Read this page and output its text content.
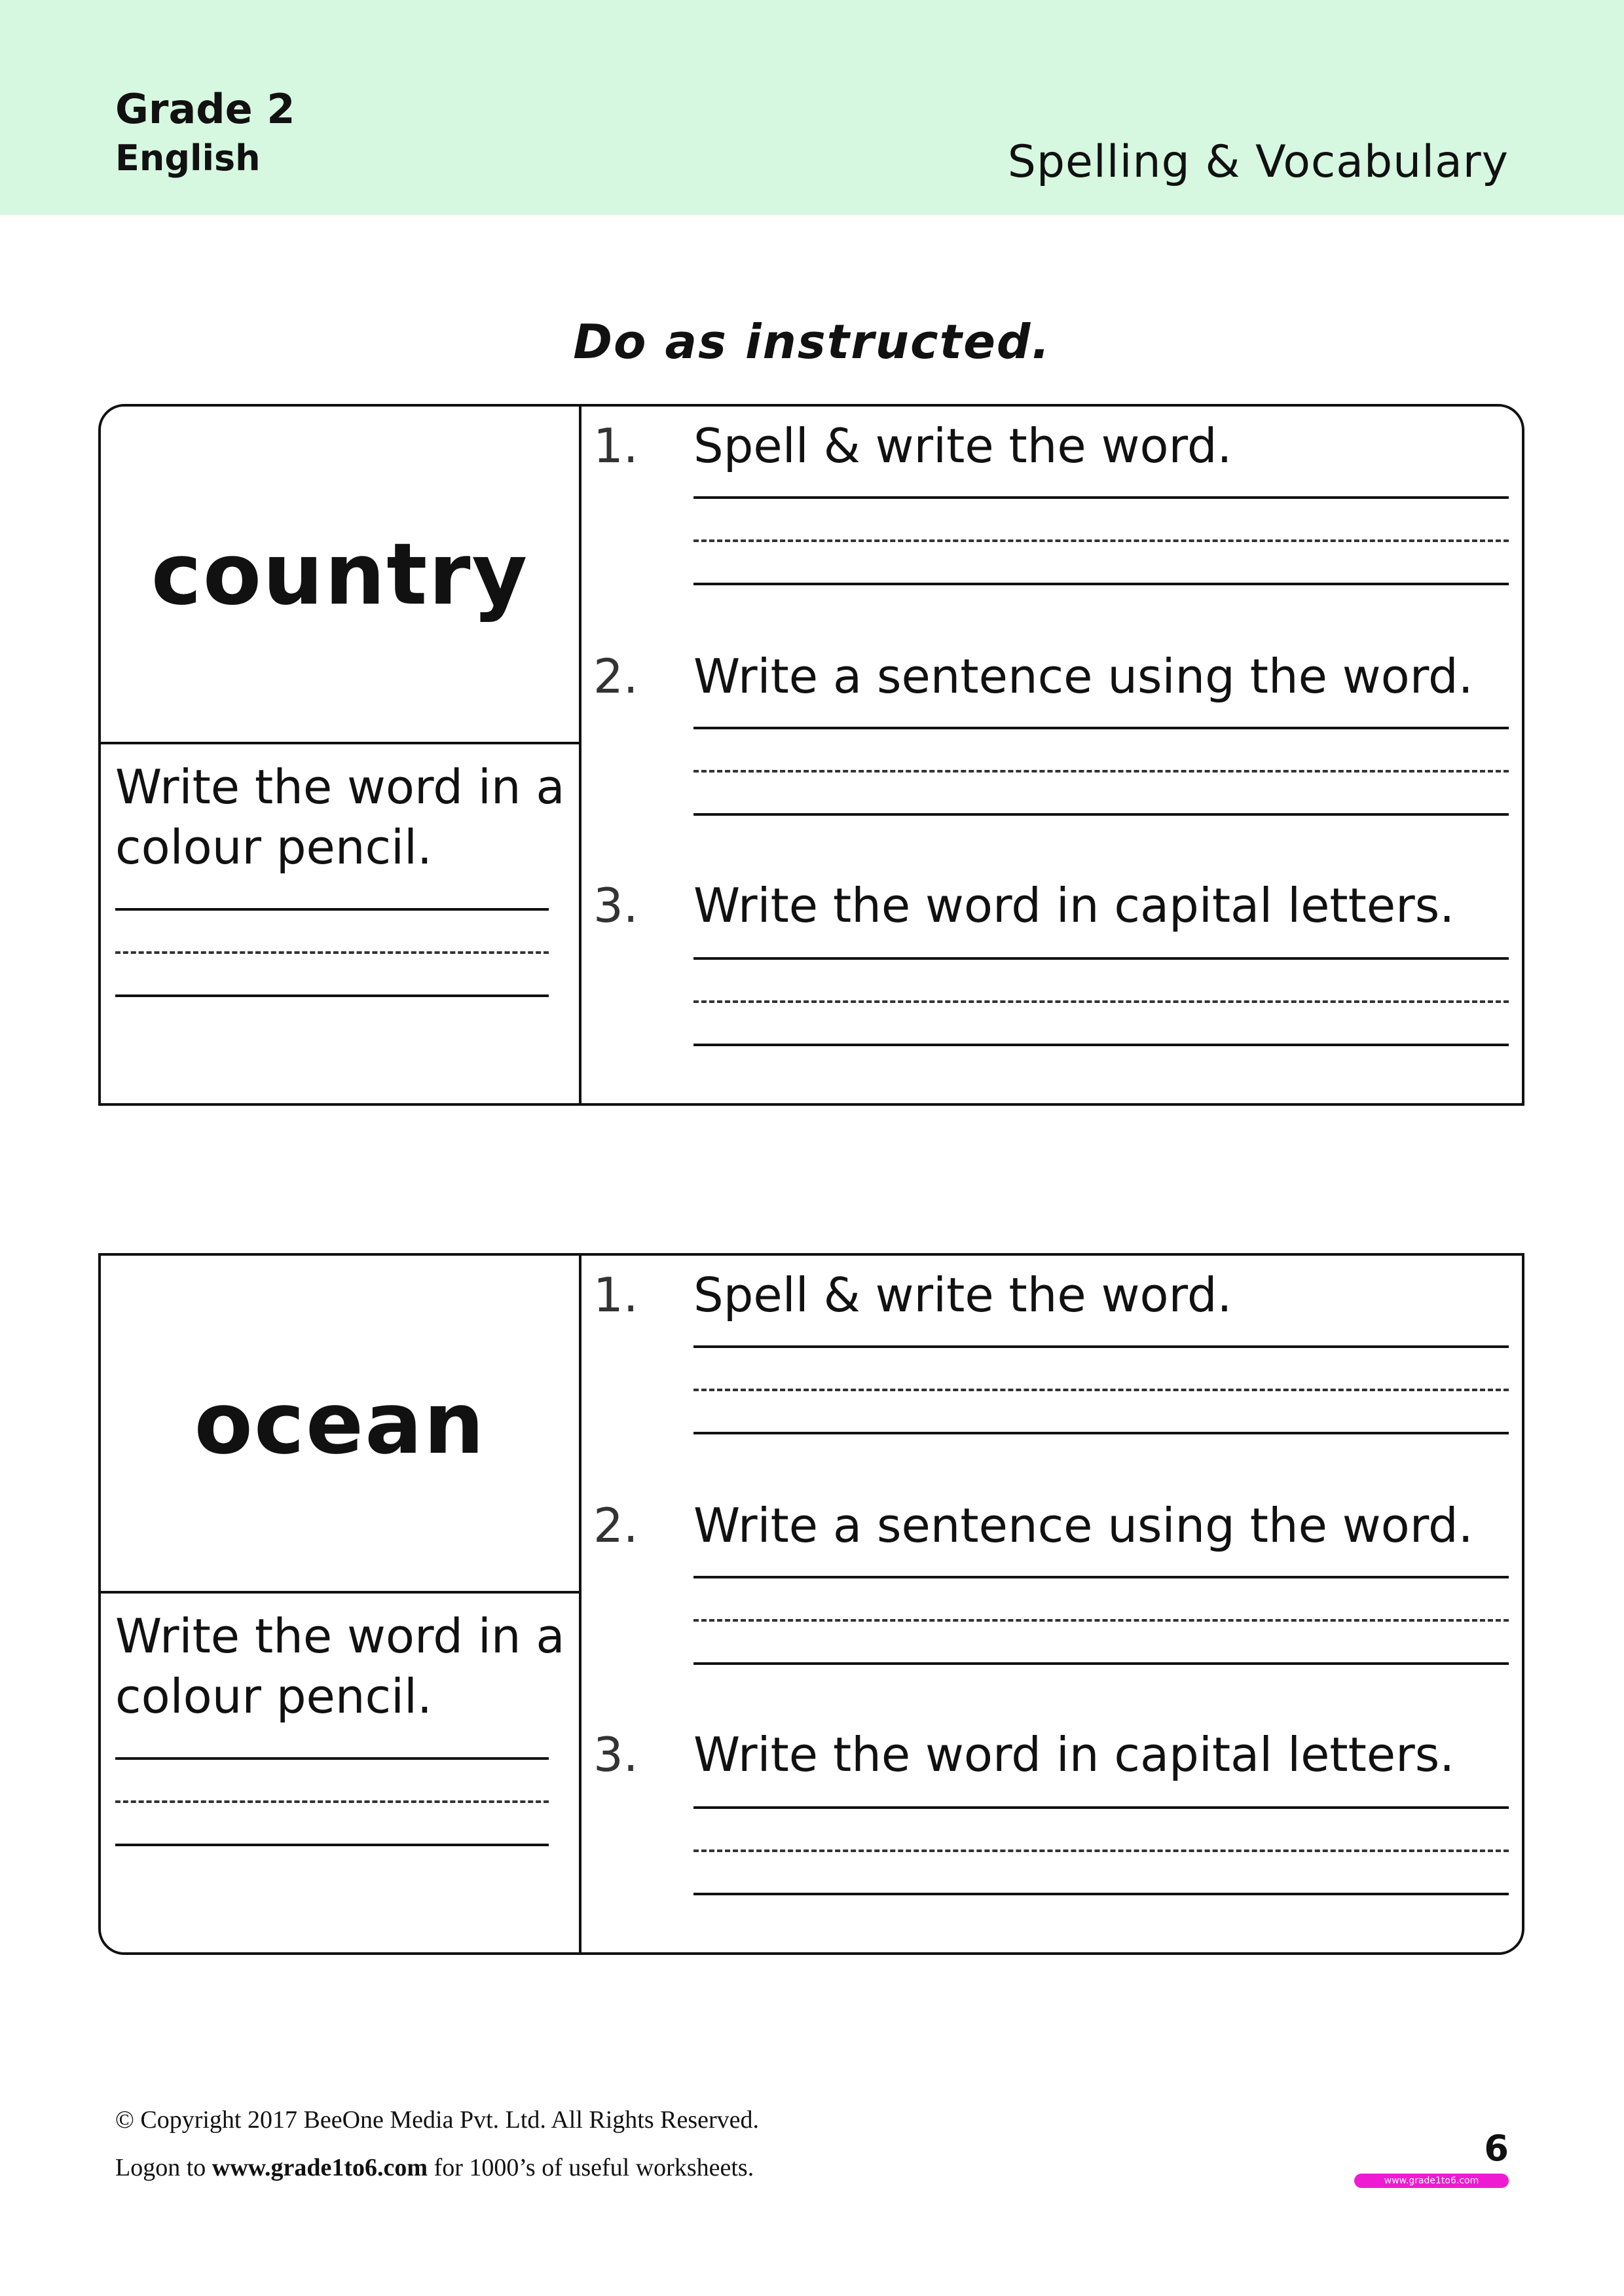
Grade 2
English	Spelling & Vocabulary
Do as instructed.
country
Write the word in a colour pencil.
1. Spell & write the word.
2. Write a sentence using the word.
3. Write the word in capital letters.
ocean
Write the word in a colour pencil.
1. Spell & write the word.
2. Write a sentence using the word.
3. Write the word in capital letters.
© Copyright 2017 BeeOne Media Pvt. Ltd. All Rights Reserved.
Logon to www.grade1to6.com for 1000’s of useful worksheets.	6
www.grade1to6.com
